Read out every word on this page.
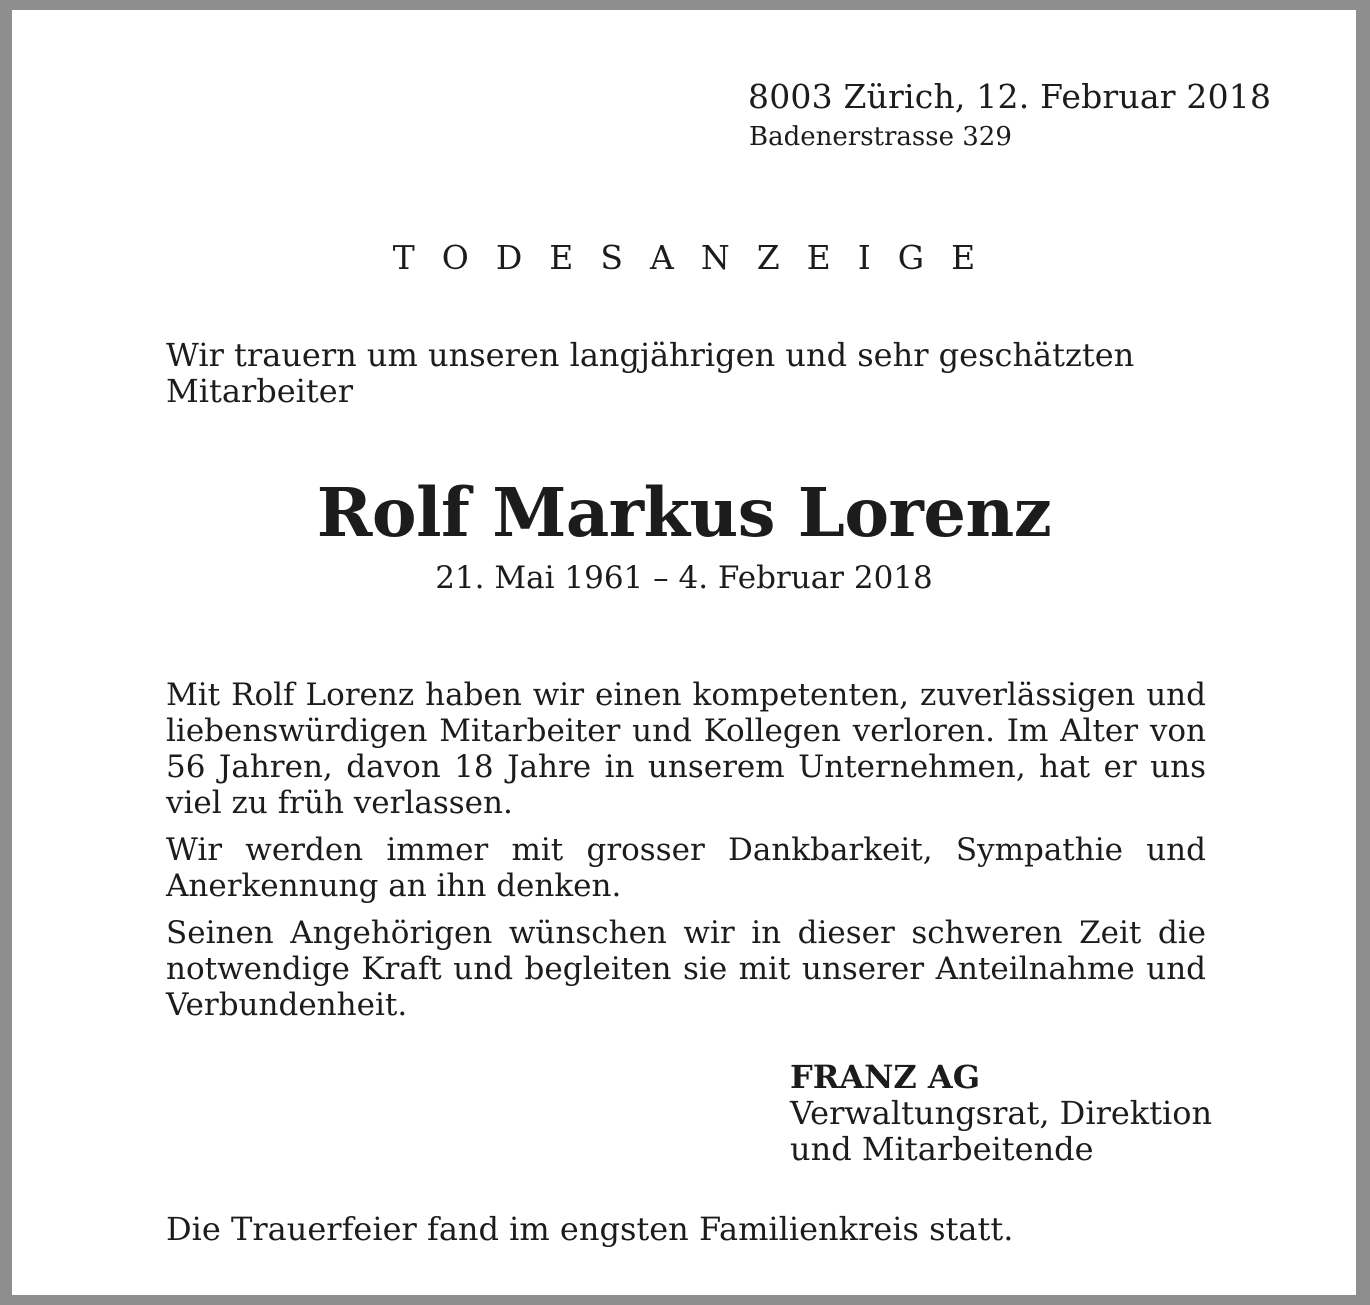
8003 Zürich, 12. Februar 2018
Badenerstrasse 329
TODESANZEIGE
Wir trauern um unseren langjährigen und sehr geschätzten
Mitarbeiter
Rolf Markus Lorenz
21. Mai 1961 – 4. Februar 2018

Mit Rolf Lorenz haben wir einen kompetenten, zuverlässigen und liebenswürdigen Mitarbeiter und Kollegen verloren. Im Alter von 56 Jahren, davon 18 Jahre in unserem Unternehmen, hat er uns viel zu früh verlassen.

Wir werden immer mit grosser Dankbarkeit, Sympathie und Anerkennung an ihn denken.

Seinen Angehörigen wünschen wir in dieser schweren Zeit die notwendige Kraft und begleiten sie mit unserer Anteilnahme und Verbundenheit.

FRANZ AG
Verwaltungsrat, Direktion
und Mitarbeitende
Die Trauerfeier fand im engsten Familienkreis statt.
